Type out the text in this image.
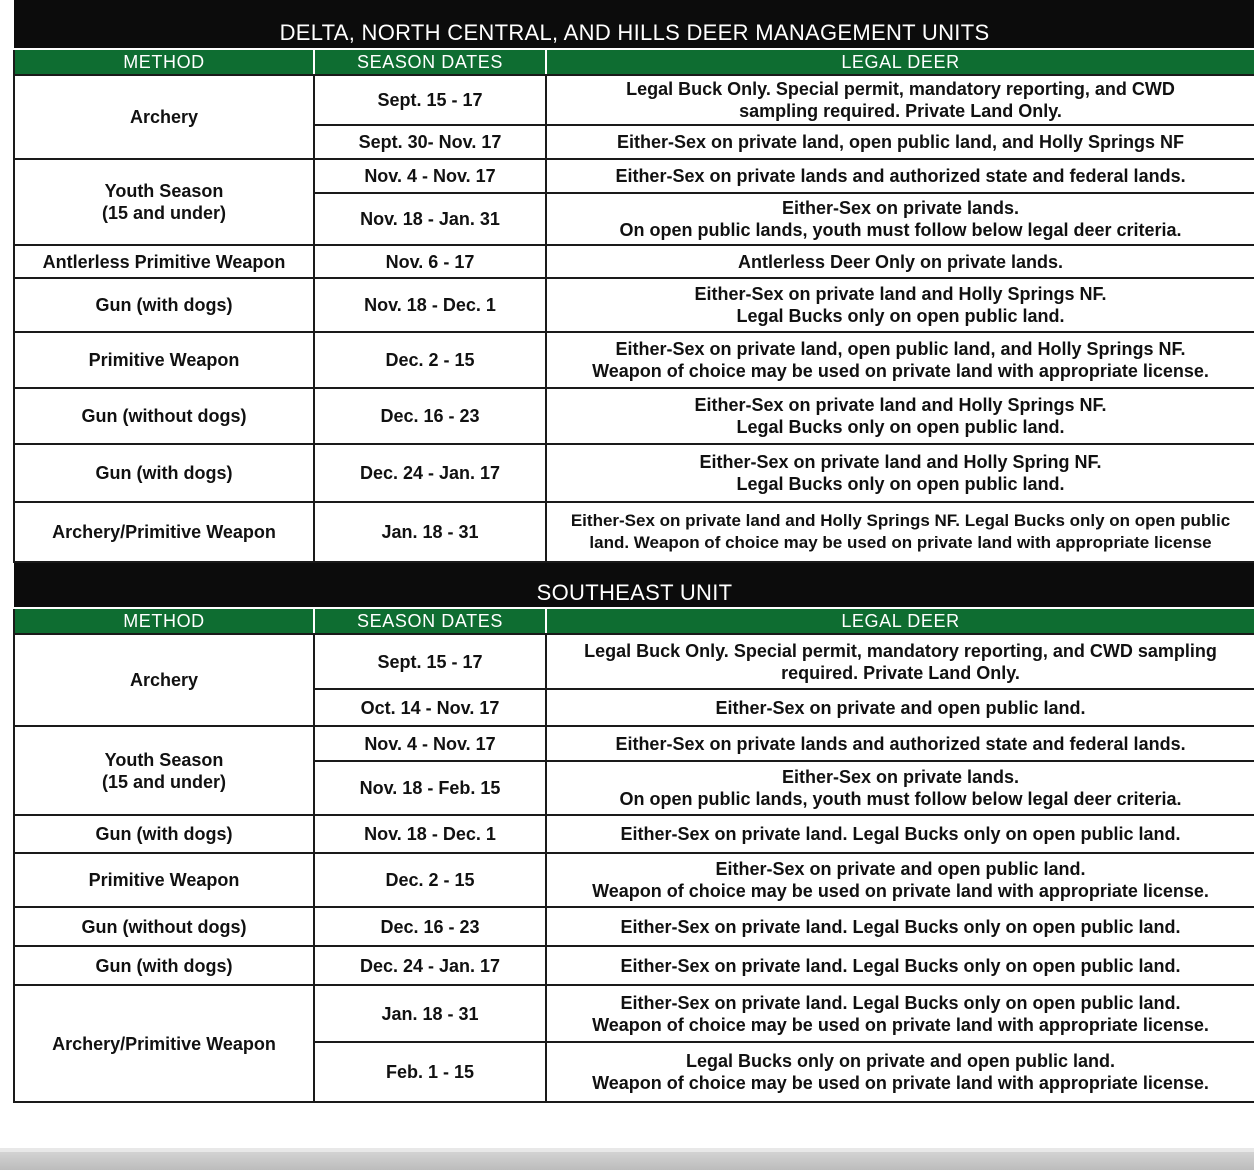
DELTA, NORTH CENTRAL, AND HILLS DEER MANAGEMENT UNITS		
METHOD	SEASON DATES	LEGAL DEER
Archery	Sept. 15 - 17	Legal Buck Only. Special permit, mandatory reporting, and CWD
sampling required. Private Land Only.

	Sept. 30- Nov. 17	Either-Sex on private land, open public land, and Holly Springs NF

Youth Season
(15 and under)	Nov. 4 - Nov. 17	Either-Sex on private lands and authorized state and federal lands.

	Nov. 18 - Jan. 31	Either-Sex on private lands.
On open public lands, youth must follow below legal deer criteria.

Antlerless Primitive Weapon	Nov. 6 - 17	Antlerless Deer Only on private lands.

Gun (with dogs)	Nov. 18 - Dec. 1	Either-Sex on private land and Holly Springs NF.
Legal Bucks only on open public land.

Primitive Weapon	Dec. 2 - 15	Either-Sex on private land, open public land, and Holly Springs NF.
Weapon of choice may be used on private land with appropriate license.

Gun (without dogs)	Dec. 16 - 23	Either-Sex on private land and Holly Springs NF.
Legal Bucks only on open public land.

Gun (with dogs)	Dec. 24 - Jan. 17	Either-Sex on private land and Holly Spring NF.
Legal Bucks only on open public land.

Archery/Primitive Weapon	Jan. 18 - 31	Either-Sex on private land and Holly Springs NF. Legal Bucks only on open public
land. Weapon of choice may be used on private land with appropriate license

SOUTHEAST UNIT		
METHOD	SEASON DATES	LEGAL DEER
Archery	Sept. 15 - 17	Legal Buck Only. Special permit, mandatory reporting, and CWD sampling
required. Private Land Only.

	Oct. 14 - Nov. 17	Either-Sex on private and open public land.

Youth Season
(15 and under)	Nov. 4 - Nov. 17	Either-Sex on private lands and authorized state and federal lands.

	Nov. 18 - Feb. 15	Either-Sex on private lands.
On open public lands, youth must follow below legal deer criteria.

Gun (with dogs)	Nov. 18 - Dec. 1	Either-Sex on private land. Legal Bucks only on open public land.

Primitive Weapon	Dec. 2 - 15	Either-Sex on private and open public land.
Weapon of choice may be used on private land with appropriate license.

Gun (without dogs)	Dec. 16 - 23	Either-Sex on private land. Legal Bucks only on open public land.

Gun (with dogs)	Dec. 24 - Jan. 17	Either-Sex on private land. Legal Bucks only on open public land.

Archery/Primitive Weapon	Jan. 18 - 31	Either-Sex on private land. Legal Bucks only on open public land.
Weapon of choice may be used on private land with appropriate license.

	Feb. 1 - 15	Legal Bucks only on private and open public land.
Weapon of choice may be used on private land with appropriate license.
